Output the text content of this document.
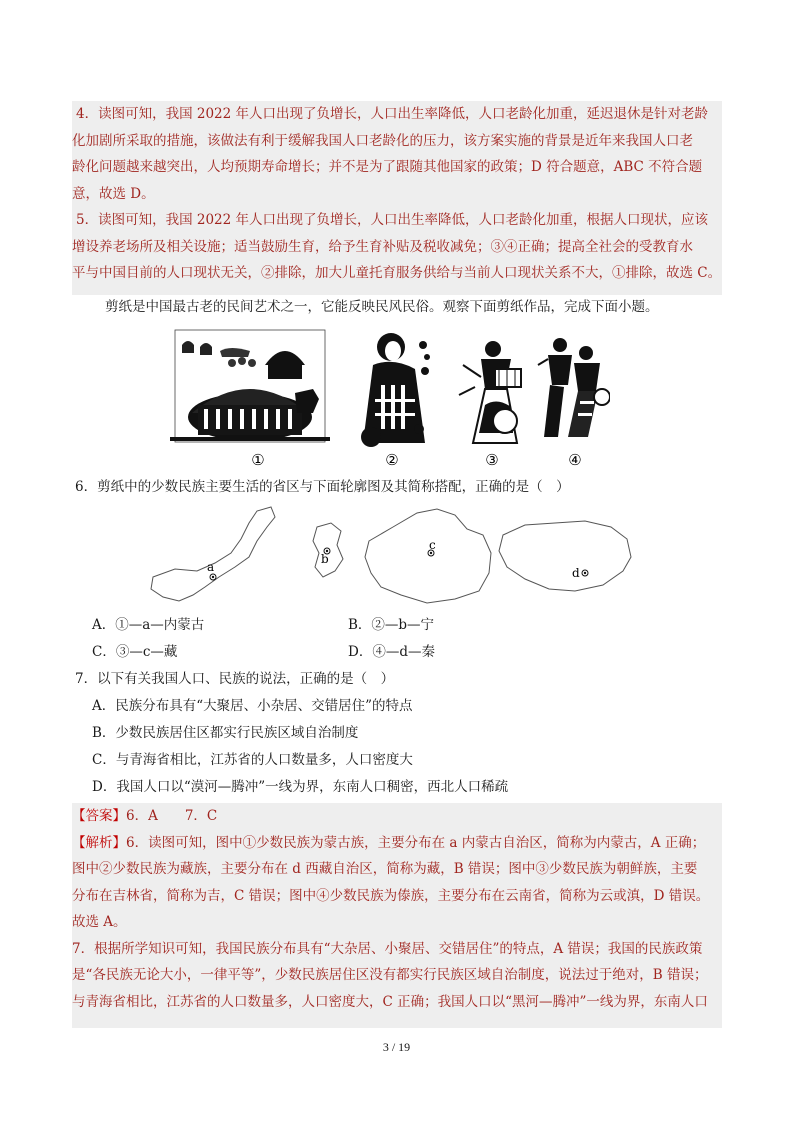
4．读图可知，我国 2022 年人口出现了负增长，人口出生率降低，人口老龄化加重，延迟退休是针对老龄
化加剧所采取的措施，该做法有利于缓解我国人口老龄化的压力，该方案实施的背景是近年来我国人口老
龄化问题越来越突出，人均预期寿命增长；并不是为了跟随其他国家的政策；D 符合题意，ABC 不符合题
意，故选 D。
5．读图可知，我国 2022 年人口出现了负增长，人口出生率降低，人口老龄化加重，根据人口现状，应该
增设养老场所及相关设施；适当鼓励生育，给予生育补贴及税收减免；③④正确；提高全社会的受教育水
平与中国目前的人口现状无关，②排除，加大儿童托育服务供给与当前人口现状关系不大，①排除，故选 C。
剪纸是中国最古老的民间艺术之一，它能反映民风民俗。观察下面剪纸作品，完成下面小题。
①	②	③	④
6．剪纸中的少数民族主要生活的省区与下面轮廓图及其简称搭配，正确的是（　）
a
b
c
d
A．①—a—内蒙古	B．②—b—宁
C．③—c—藏	D．④—d—秦
7．以下有关我国人口、民族的说法，正确的是（　）
A．民族分布具有“大聚居、小杂居、交错居住”的特点
B．少数民族居住区都实行民族区域自治制度
C．与青海省相比，江苏省的人口数量多，人口密度大
D．我国人口以“漠河—腾冲”一线为界，东南人口稠密，西北人口稀疏
【答案】6．A　　7．C
【解析】6．读图可知，图中①少数民族为蒙古族，主要分布在 a 内蒙古自治区，简称为内蒙古，A 正确；
图中②少数民族为藏族，主要分布在 d 西藏自治区，简称为藏，B 错误；图中③少数民族为朝鲜族，主要
分布在吉林省，简称为吉，C 错误；图中④少数民族为傣族，主要分布在云南省，简称为云或滇，D 错误。
故选 A。
7．根据所学知识可知，我国民族分布具有“大杂居、小聚居、交错居住”的特点，A 错误；我国的民族政策
是“各民族无论大小，一律平等”，少数民族居住区没有都实行民族区域自治制度，说法过于绝对，B 错误；
与青海省相比，江苏省的人口数量多，人口密度大，C 正确；我国人口以“黑河—腾冲”一线为界，东南人口
3 / 19
